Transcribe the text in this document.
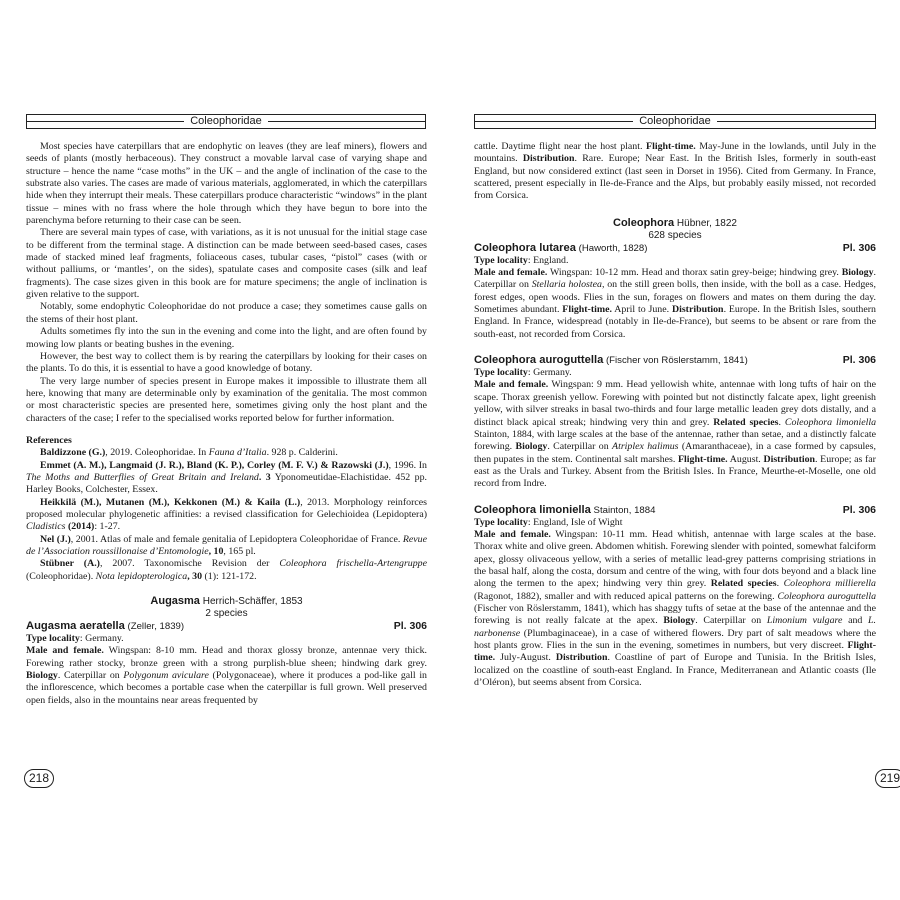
Coleophoridae

Most species have caterpillars that are endophytic on leaves (they are leaf miners), flowers and seeds of plants (mostly herbaceous). They construct a movable larval case of varying shape and structure – hence the name “case moths” in the UK – and the angle of inclination of the case to the substrate also varies. The cases are made of various materials, agglomerated, in which the caterpillars hide when they interrupt their meals. These caterpillars produce characteristic “windows” in the plant tissue – mines with no frass where the hole through which they have begun to bore into the parenchyma before returning to their case can be seen.

There are several main types of case, with variations, as it is not unusual for the initial stage case to be different from the terminal stage. A distinction can be made between seed-based cases, cases made of stacked mined leaf fragments, foliaceous cases, tubular cases, “pistol” cases (with or without palliums, or ‘mantles’, on the sides), spatulate cases and composite cases (silk and leaf fragments). The case sizes given in this book are for mature specimens; the angle of inclination is given relative to the support.

Notably, some endophytic Coleophoridae do not produce a case; they sometimes cause galls on the stems of their host plant.

Adults sometimes fly into the sun in the evening and come into the light, and are often found by mowing low plants or beating bushes in the evening.

However, the best way to collect them is by rearing the caterpillars by looking for their cases on the plants. To do this, it is essential to have a good knowledge of botany.

The very large number of species present in Europe makes it impossible to illustrate them all here, knowing that many are determinable only by examination of the genitalia. The most common or most characteristic species are presented here, sometimes giving only the host plant and the characters of the case; I refer to the specialised works reported below for further information.

References

Baldizzone (G.), 2019. Coleophoridae. In Fauna d’Italia. 928 p. Calderini.

Emmet (A. M.), Langmaid (J. R.), Bland (K. P.), Corley (M. F. V.) & Razowski (J.), 1996. In The Moths and Butterflies of Great Britain and Ireland. 3 Yponomeutidae-Elachistidae. 452 pp. Harley Books, Colchester, Essex.

Heikkilä (M.), Mutanen (M.), Kekkonen (M.) & Kaila (L.), 2013. Morphology reinforces proposed molecular phylogenetic affinities: a revised classification for Gelechioidea (Lepidoptera) Cladistics (2014): 1-27.

Nel (J.), 2001. Atlas of male and female genitalia of Lepidoptera Coleophoridae of France. Revue de l’Association roussillonaise d’Entomologie, 10, 165 pl.

Stübner (A.), 2007. Taxonomische Revision der Coleophora frischella-Artengruppe (Coleophoridae). Nota lepidopterologica, 30 (1): 121-172.

Augasma Herrich-Schäffer, 1853
2 species
Augasma aeratella (Zeller, 1839)	Pl. 306

Type locality: Germany.

Male and female. Wingspan: 8-10 mm. Head and thorax glossy bronze, antennae very thick. Forewing rather stocky, bronze green with a strong purplish-blue sheen; hindwing dark grey. Biology. Caterpillar on Polygonum aviculare (Polygonaceae), where it produces a pod-like gall in the inflorescence, which becomes a portable case when the caterpillar is full grown. Well preserved open fields, also in the mountains near areas frequented by

218
Coleophoridae

cattle. Daytime flight near the host plant. Flight-time. May-June in the lowlands, until July in the mountains. Distribution. Rare. Europe; Near East. In the British Isles, formerly in south-east England, but now considered extinct (last seen in Dorset in 1956). Cited from Germany. In France, scattered, present especially in Ile-de-France and the Alps, but probably easily missed, not recorded from Corsica.

Coleophora Hübner, 1822
628 species
Coleophora lutarea (Haworth, 1828)	Pl. 306

Type locality: England.

Male and female. Wingspan: 10-12 mm. Head and thorax satin grey-beige; hindwing grey. Biology. Caterpillar on Stellaria holostea, on the still green bolls, then inside, with the boll as a case. Hedges, forest edges, open woods. Flies in the sun, forages on flowers and mates on them during the day. Sometimes abundant. Flight-time. April to June. Distribution. Europe. In the British Isles, southern England. In France, widespread (notably in Ile-de-France), but seems to be absent or rare from the south-east, not recorded from Corsica.

Coleophora auroguttella (Fischer von Röslerstamm, 1841)	Pl. 306

Type locality: Germany.

Male and female. Wingspan: 9 mm. Head yellowish white, antennae with long tufts of hair on the scape. Thorax greenish yellow. Forewing with pointed but not distinctly falcate apex, light greenish yellow, with silver streaks in basal two-thirds and four large metallic leaden grey dots distally, and a distinct black apical streak; hindwing very thin and grey. Related species. Coleophora limoniella Stainton, 1884, with large scales at the base of the antennae, rather than setae, and a distinctly falcate forewing. Biology. Caterpillar on Atriplex halimus (Amaranthaceae), in a case formed by capsules, then pupates in the stem. Continental salt marshes. Flight-time. August. Distribution. Europe; as far east as the Urals and Turkey. Absent from the British Isles. In France, Meurthe-et-Moselle, one old record from Indre.

Coleophora limoniella Stainton, 1884	Pl. 306

Type locality: England, Isle of Wight

Male and female. Wingspan: 10-11 mm. Head whitish, antennae with large scales at the base. Thorax white and olive green. Abdomen whitish. Forewing slender with pointed, somewhat falciform apex, glossy olivaceous yellow, with a series of metallic lead-grey patterns comprising striations in the basal half, along the costa, dorsum and centre of the wing, with four dots beyond and a black line along the termen to the apex; hindwing very thin grey. Related species. Coleophora millierella (Ragonot, 1882), smaller and with reduced apical patterns on the forewing. Coleophora auroguttella (Fischer von Röslerstamm, 1841), which has shaggy tufts of setae at the base of the antennae and the forewing is not really falcate at the apex. Biology. Caterpillar on Limonium vulgare and L. narbonense (Plumbaginaceae), in a case of withered flowers. Dry part of salt meadows where the host plants grow. Flies in the sun in the evening, sometimes in numbers, but very discreet. Flight-time. July-August. Distribution. Coastline of part of Europe and Tunisia. In the British Isles, localized on the coastline of south-east England. In France, Mediterranean and Atlantic coasts (Ile d’Oléron), but seems absent from Corsica.

219
